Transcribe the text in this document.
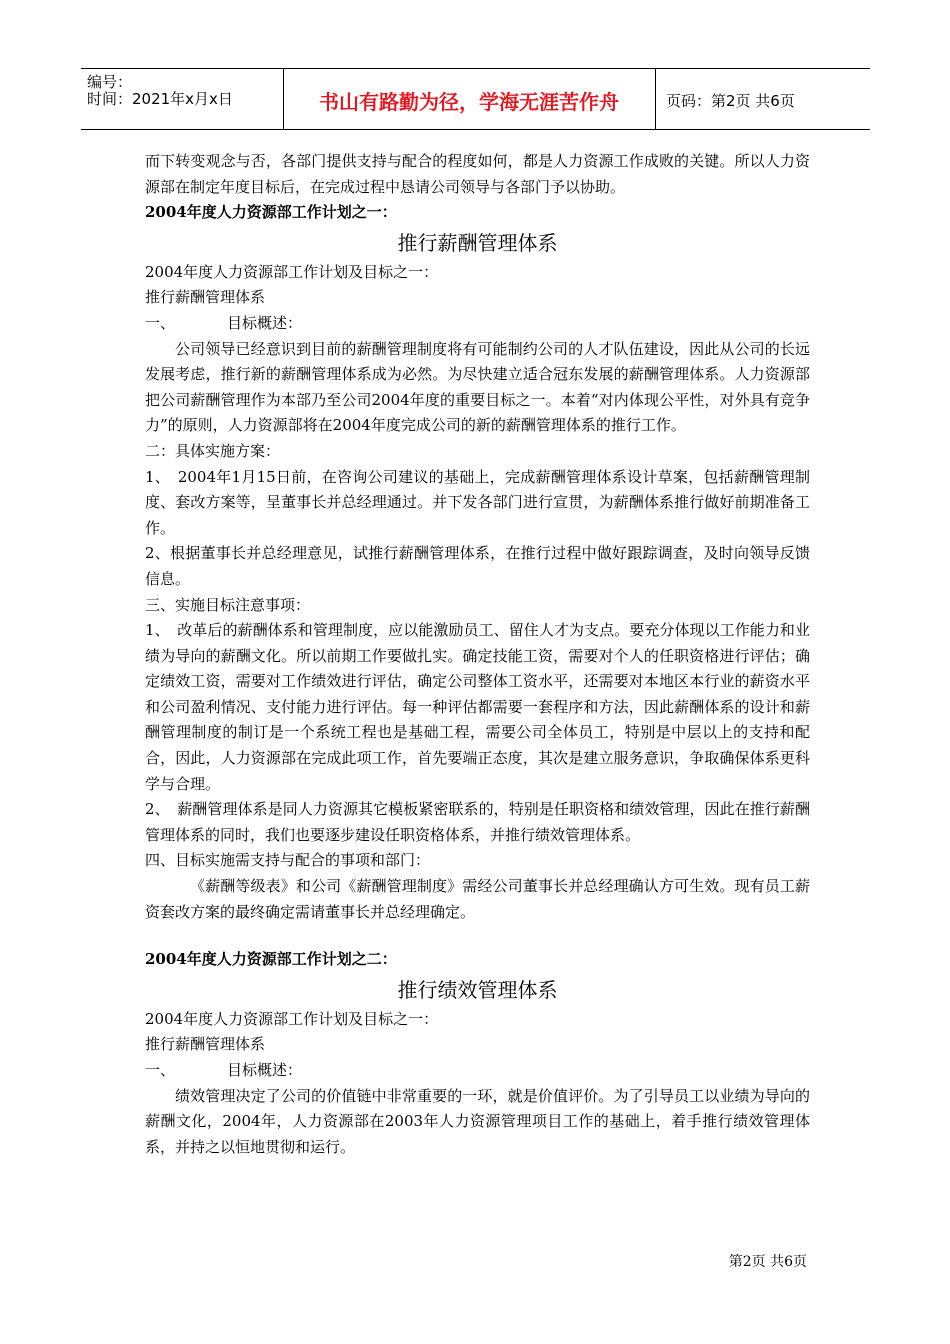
编号：
时间：2021年x月x日	书山有路勤为径，学海无涯苦作舟	页码：第2页 共6页

而下转变观念与否，各部门提供支持与配合的程度如何，都是人力资源工作成败的关键。所以人力资源部在制定年度目标后，在完成过程中恳请公司领导与各部门予以协助。

2004年度人力资源部工作计划之一：

推行薪酬管理体系

2004年度人力资源部工作计划及目标之一：

推行薪酬管理体系

一、	目标概述：

公司领导已经意识到目前的薪酬管理制度将有可能制约公司的人才队伍建设，因此从公司的长远发展考虑，推行新的薪酬管理体系成为必然。为尽快建立适合冠东发展的薪酬管理体系。人力资源部把公司薪酬管理作为本部乃至公司2004年度的重要目标之一。本着“对内体现公平性，对外具有竞争力”的原则，人力资源部将在2004年度完成公司的新的薪酬管理体系的推行工作。

二：具体实施方案：

1、　2004年1月15日前，在咨询公司建议的基础上，完成薪酬管理体系设计草案，包括薪酬管理制度、套改方案等，呈董事长并总经理通过。并下发各部门进行宣贯，为薪酬体系推行做好前期准备工作。

2、根据董事长并总经理意见，试推行薪酬管理体系，在推行过程中做好跟踪调查，及时向领导反馈信息。

三、实施目标注意事项：

1、　改革后的薪酬体系和管理制度，应以能激励员工、留住人才为支点。要充分体现以工作能力和业绩为导向的薪酬文化。所以前期工作要做扎实。确定技能工资，需要对个人的任职资格进行评估；确定绩效工资，需要对工作绩效进行评估，确定公司整体工资水平，还需要对本地区本行业的薪资水平和公司盈利情况、支付能力进行评估。每一种评估都需要一套程序和方法，因此薪酬体系的设计和薪酬管理制度的制订是一个系统工程也是基础工程，需要公司全体员工，特别是中层以上的支持和配合，因此，人力资源部在完成此项工作，首先要端正态度，其次是建立服务意识，争取确保体系更科学与合理。

2、　薪酬管理体系是同人力资源其它模板紧密联系的，特别是任职资格和绩效管理，因此在推行薪酬管理体系的同时，我们也要逐步建设任职资格体系，并推行绩效管理体系。

四、目标实施需支持与配合的事项和部门：

《薪酬等级表》和公司《薪酬管理制度》需经公司董事长并总经理确认方可生效。现有员工薪资套改方案的最终确定需请董事长并总经理确定。

2004年度人力资源部工作计划之二：

推行绩效管理体系

2004年度人力资源部工作计划及目标之一：

推行薪酬管理体系

一、	目标概述：

绩效管理决定了公司的价值链中非常重要的一环，就是价值评价。为了引导员工以业绩为导向的薪酬文化，2004年，人力资源部在2003年人力资源管理项目工作的基础上，着手推行绩效管理体系，并持之以恒地贯彻和运行。

第2页 共6页
